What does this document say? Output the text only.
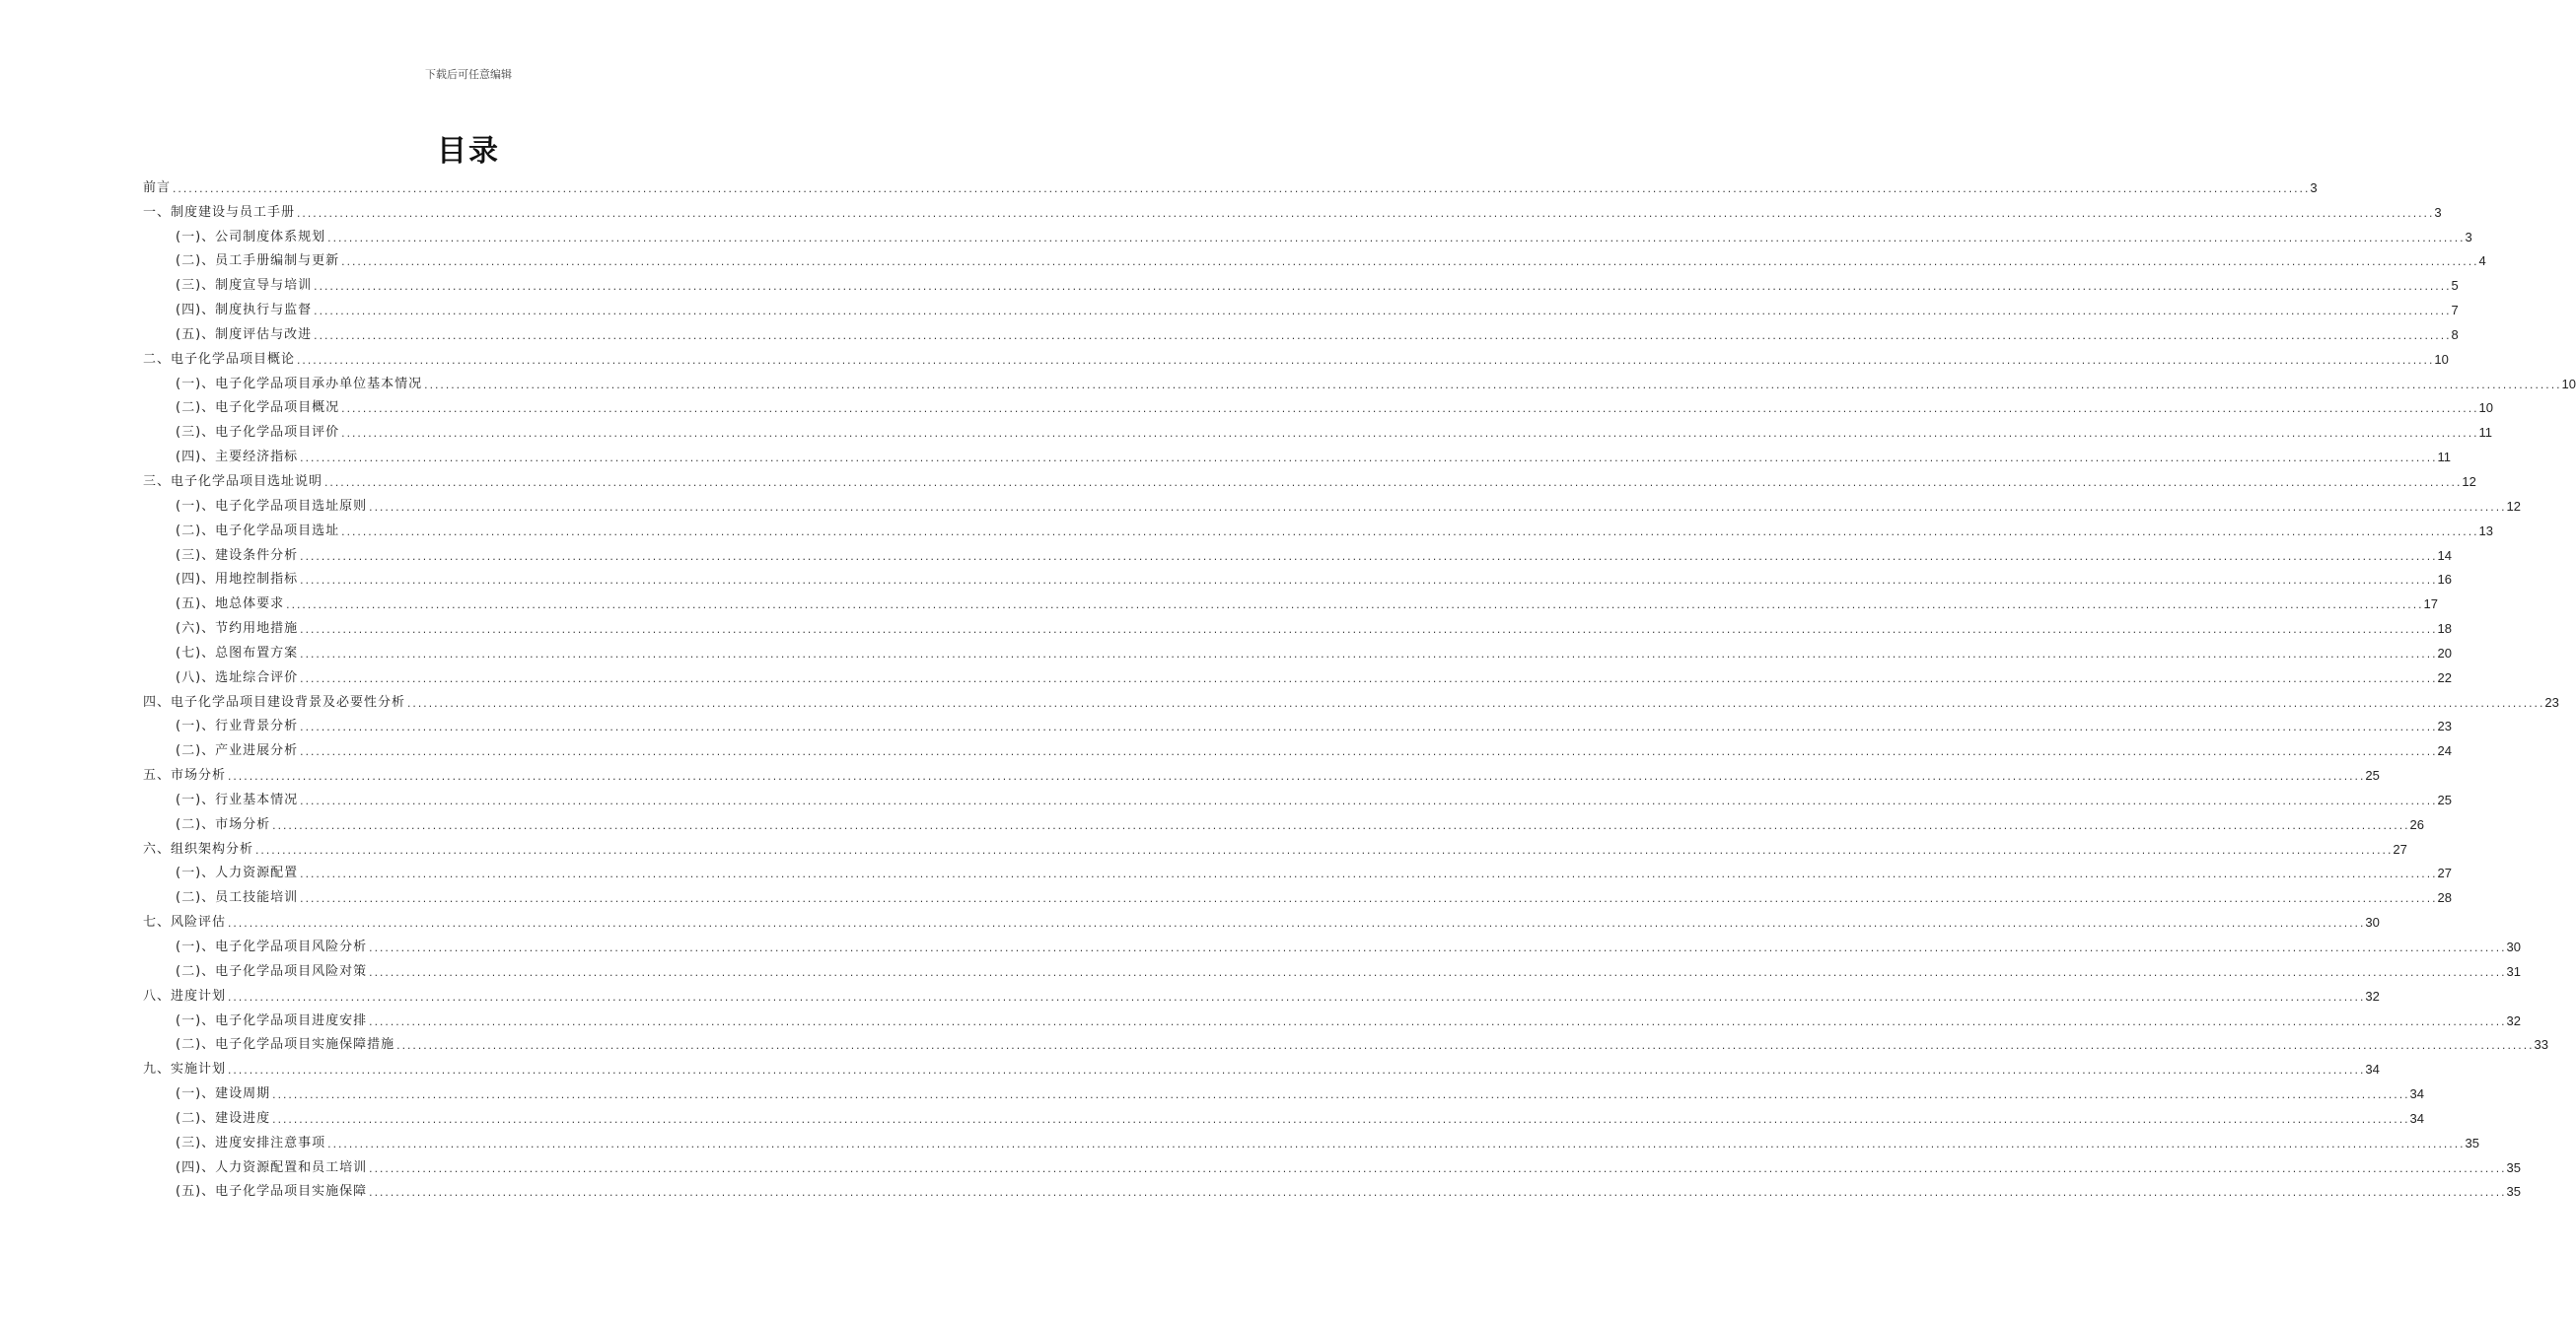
下载后可任意编辑
目录
前言 ................................................................................................................................................................................................................................................................................................................................................................................................................ 3
一、制度建设与员工手册 ................................................................................................................................................................................................................................................................................................................................................................................................................ 3
(一)、公司制度体系规划 ................................................................................................................................................................................................................................................................................................................................................................................................................ 3
(二)、员工手册编制与更新 ................................................................................................................................................................................................................................................................................................................................................................................................................ 4
(三)、制度宣导与培训 ................................................................................................................................................................................................................................................................................................................................................................................................................ 5
(四)、制度执行与监督 ................................................................................................................................................................................................................................................................................................................................................................................................................ 7
(五)、制度评估与改进 ................................................................................................................................................................................................................................................................................................................................................................................................................ 8
二、电子化学品项目概论 ................................................................................................................................................................................................................................................................................................................................................................................................................ 10
(一)、电子化学品项目承办单位基本情况 ................................................................................................................................................................................................................................................................................................................................................................................................................ 10
(二)、电子化学品项目概况 ................................................................................................................................................................................................................................................................................................................................................................................................................ 10
(三)、电子化学品项目评价 ................................................................................................................................................................................................................................................................................................................................................................................................................ 11
(四)、主要经济指标 ................................................................................................................................................................................................................................................................................................................................................................................................................ 11
三、电子化学品项目选址说明 ................................................................................................................................................................................................................................................................................................................................................................................................................ 12
(一)、电子化学品项目选址原则 ................................................................................................................................................................................................................................................................................................................................................................................................................ 12
(二)、电子化学品项目选址 ................................................................................................................................................................................................................................................................................................................................................................................................................ 13
(三)、建设条件分析 ................................................................................................................................................................................................................................................................................................................................................................................................................ 14
(四)、用地控制指标 ................................................................................................................................................................................................................................................................................................................................................................................................................ 16
(五)、地总体要求 ................................................................................................................................................................................................................................................................................................................................................................................................................ 17
(六)、节约用地措施 ................................................................................................................................................................................................................................................................................................................................................................................................................ 18
(七)、总图布置方案 ................................................................................................................................................................................................................................................................................................................................................................................................................ 20
(八)、选址综合评价 ................................................................................................................................................................................................................................................................................................................................................................................................................ 22
四、电子化学品项目建设背景及必要性分析 ................................................................................................................................................................................................................................................................................................................................................................................................................ 23
(一)、行业背景分析 ................................................................................................................................................................................................................................................................................................................................................................................................................ 23
(二)、产业进展分析 ................................................................................................................................................................................................................................................................................................................................................................................................................ 24
五、市场分析 ................................................................................................................................................................................................................................................................................................................................................................................................................ 25
(一)、行业基本情况 ................................................................................................................................................................................................................................................................................................................................................................................................................ 25
(二)、市场分析 ................................................................................................................................................................................................................................................................................................................................................................................................................ 26
六、组织架构分析 ................................................................................................................................................................................................................................................................................................................................................................................................................ 27
(一)、人力资源配置 ................................................................................................................................................................................................................................................................................................................................................................................................................ 27
(二)、员工技能培训 ................................................................................................................................................................................................................................................................................................................................................................................................................ 28
七、风险评估 ................................................................................................................................................................................................................................................................................................................................................................................................................ 30
(一)、电子化学品项目风险分析 ................................................................................................................................................................................................................................................................................................................................................................................................................ 30
(二)、电子化学品项目风险对策 ................................................................................................................................................................................................................................................................................................................................................................................................................ 31
八、进度计划 ................................................................................................................................................................................................................................................................................................................................................................................................................ 32
(一)、电子化学品项目进度安排 ................................................................................................................................................................................................................................................................................................................................................................................................................ 32
(二)、电子化学品项目实施保障措施 ................................................................................................................................................................................................................................................................................................................................................................................................................ 33
九、实施计划 ................................................................................................................................................................................................................................................................................................................................................................................................................ 34
(一)、建设周期 ................................................................................................................................................................................................................................................................................................................................................................................................................ 34
(二)、建设进度 ................................................................................................................................................................................................................................................................................................................................................................................................................ 34
(三)、进度安排注意事项 ................................................................................................................................................................................................................................................................................................................................................................................................................ 35
(四)、人力资源配置和员工培训 ................................................................................................................................................................................................................................................................................................................................................................................................................ 35
(五)、电子化学品项目实施保障 ................................................................................................................................................................................................................................................................................................................................................................................................................ 35
